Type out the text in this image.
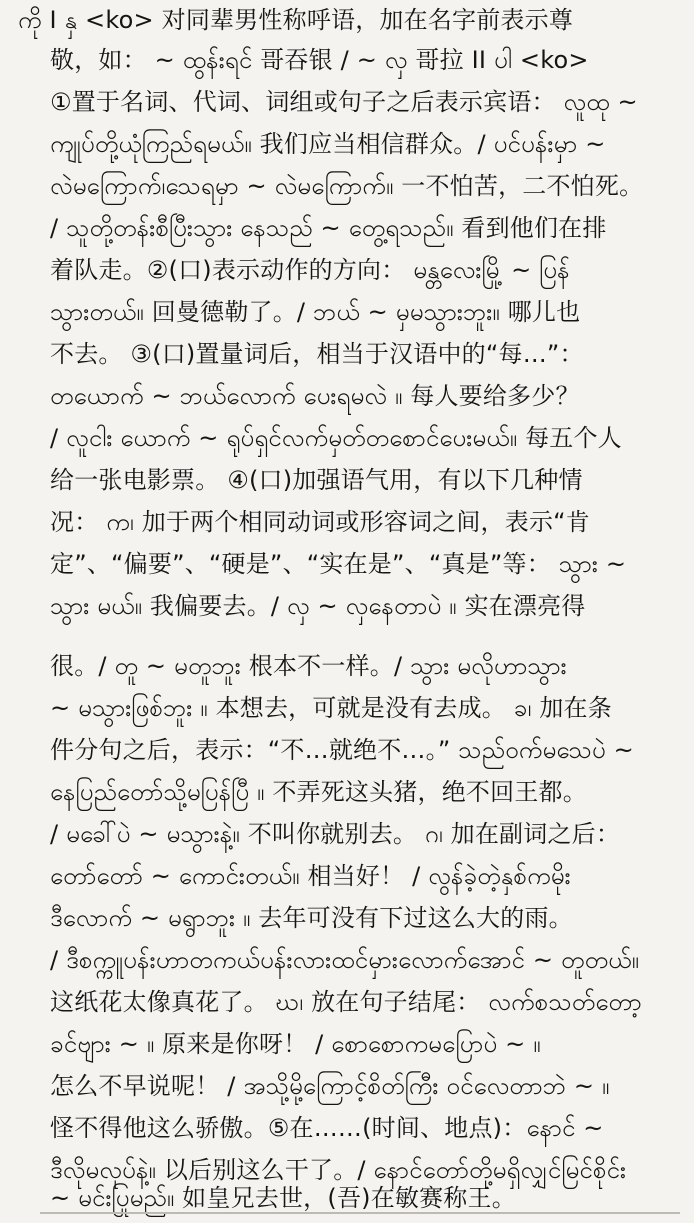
ကို I နှ <ko> 对同辈男性称呼语，加在名字前表示尊
敬，如： ~ ထွန်းရင် 哥吞银 / ~ လှ 哥拉 II ပါ <ko>
①置于名词、代词、词组或句子之后表示宾语： လူထု ~
ကျုပ်တို့ယုံကြည်ရမယ်။ 我们应当相信群众。/ ပင်ပန်းမှာ ~
လဲမကြောက်၊သေရမှာ ~ လဲမကြောက်။ 一不怕苦，二不怕死。
/ သူတို့တန်းစီပြီးသွား နေသည် ~ တွေ့ရသည်။ 看到他们在排
着队走。②(口)表示动作的方向： မန္တလေးမြို့ ~ ပြန်
သွားတယ်။ 回曼德勒了。/ ဘယ် ~ မှမသွားဘူး။ 哪儿也
不去。 ③(口)置量词后，相当于汉语中的“每…”：
တယောက် ~ ဘယ်လောက် ပေးရမလဲ ။ 每人要给多少？
/ လူငါး ယောက် ~ ရုပ်ရှင်လက်မှတ်တစောင်ပေးမယ်။ 每五个人
给一张电影票。 ④(口)加强语气用，有以下几种情
况： က၊ 加于两个相同动词或形容词之间，表示“肯
定”、“偏要”、“硬是”、“实在是”、“真是”等： သွား ~
သွား မယ်။ 我偏要去。/ လှ ~ လှနေတာပဲ ။ 实在漂亮得
很。/ တူ ~ မတူဘူး 根本不一样。/ သွား မလိုဟာသွား
~ မသွားဖြစ်ဘူး ။ 本想去，可就是没有去成。 ခ၊ 加在条
件分句之后，表示：“不…就绝不…。” သည်ဝက်မသေပဲ ~
နေပြည်တော်သို့မပြန်ပြီ ။ 不弄死这头猪，绝不回王都。
/ မခေါ်ပဲ ~ မသွားနဲ့။ 不叫你就别去。 ဂ၊ 加在副词之后：
တော်တော် ~ ကောင်းတယ်။ 相当好！ / လွန်ခဲ့တဲ့နှစ်ကမိုး
ဒီလောက် ~ မရွာဘူး ။ 去年可没有下过这么大的雨。
/ ဒီစက္ကူပန်းဟာတကယ်ပန်းလားထင်မှားလောက်အောင် ~ တူတယ်။
这纸花太像真花了。 ဃ၊ 放在句子结尾： လက်စသတ်တော့
ခင်ဗျား ~ ။ 原来是你呀！ / စောစောကမပြောပဲ ~ ။
怎么不早说呢！ / အသို့မို့ကြောင့်စိတ်ကြီး ဝင်လေတာဘဲ ~ ။
怪不得他这么骄傲。⑤在……(时间、地点)：နောင် ~
ဒီလိုမလုပ်နဲ့။ 以后别这么干了。/ နောင်တော်တို့မရှိလျှင်မြင်စိုင်း
~ မင်းပြုမည်။ 如皇兄去世，(吾)在敏赛称王。
